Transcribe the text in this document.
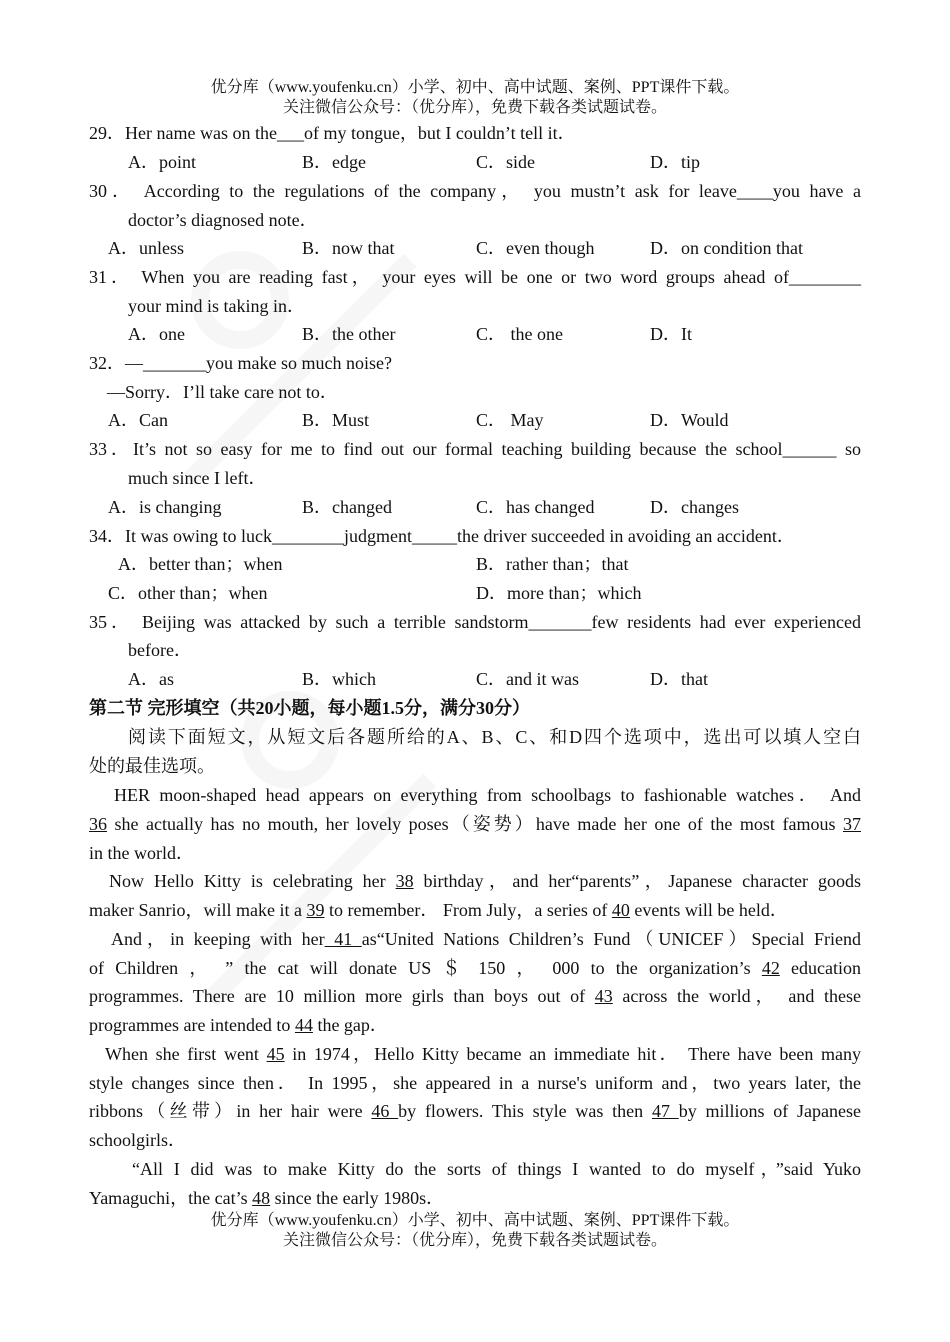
优分库（www.youfenku.cn）小学、初中、高中试题、案例、PPT课件下载。
关注微信公众号：（优分库），免费下载各类试题试卷。
29．Her name was on the___of my tongue，but I couldn’t tell it．
A．point	B．edge	C．side	D．tip
30． According to the regulations of the company， you mustn’t ask for leave____you have a
doctor’s diagnosed note．
A．unless	B．now that	C．even though	D．on condition that
31． When you are reading fast， your eyes will be one or two word groups ahead of________
your mind is taking in．
A．one	B．the other	C． the one	D．It
32．—_______you make so much noise?
—Sorry．I’ll take care not to．
A．Can	B．Must	C． May	D．Would
33．It’s not so easy for me to find out our formal teaching building because the school______ so
much since I left．
A．is changing	B．changed	C．has changed	D．changes
34．It was owing to luck________judgment_____the driver succeeded in avoiding an accident．
A．better than；when	B．rather than；that
C．other than；when	D．more than；which
35． Beijing was attacked by such a terrible sandstorm_______few residents had ever experienced
before．
A．as	B．which	C．and it was	D．that
第二节 完形填空（共20小题，每小题1.5分，满分30分）
阅读下面短文，从短文后各题所给的A、B、C、和D四个选项中，选出可以填人空白
处的最佳选项。
HER moon-shaped head appears on everything from schoolbags to fashionable watches． And
36 she actually has no mouth, her lovely poses（姿势）have made her one of the most famous 37
in the world．
Now Hello Kitty is celebrating her 38 birthday，and her“parents”，Japanese character goods
maker Sanrio，will make it a 39 to remember． From July，a series of 40 events will be held．
And，in keeping with her 41 as“United Nations Children’s Fund（UNICEF）Special Friend
of Children ， ” the cat will donate US ＄ 150 ， 000 to the organization’s 42 education
programmes. There are 10 million more girls than boys out of 43 across the world， and these
programmes are intended to 44 the gap．
When she first went 45 in 1974，Hello Kitty became an immediate hit． There have been many
style changes since then． In 1995，she appeared in a nurse's uniform and，two years later, the
ribbons（丝带）in her hair were 46 by flowers. This style was then 47 by millions of Japanese
schoolgirls．
“All I did was to make Kitty do the sorts of things I wanted to do myself，”said Yuko
Yamaguchi，the cat’s 48 since the early 1980s．
优分库（www.youfenku.cn）小学、初中、高中试题、案例、PPT课件下载。
关注微信公众号：（优分库），免费下载各类试题试卷。
